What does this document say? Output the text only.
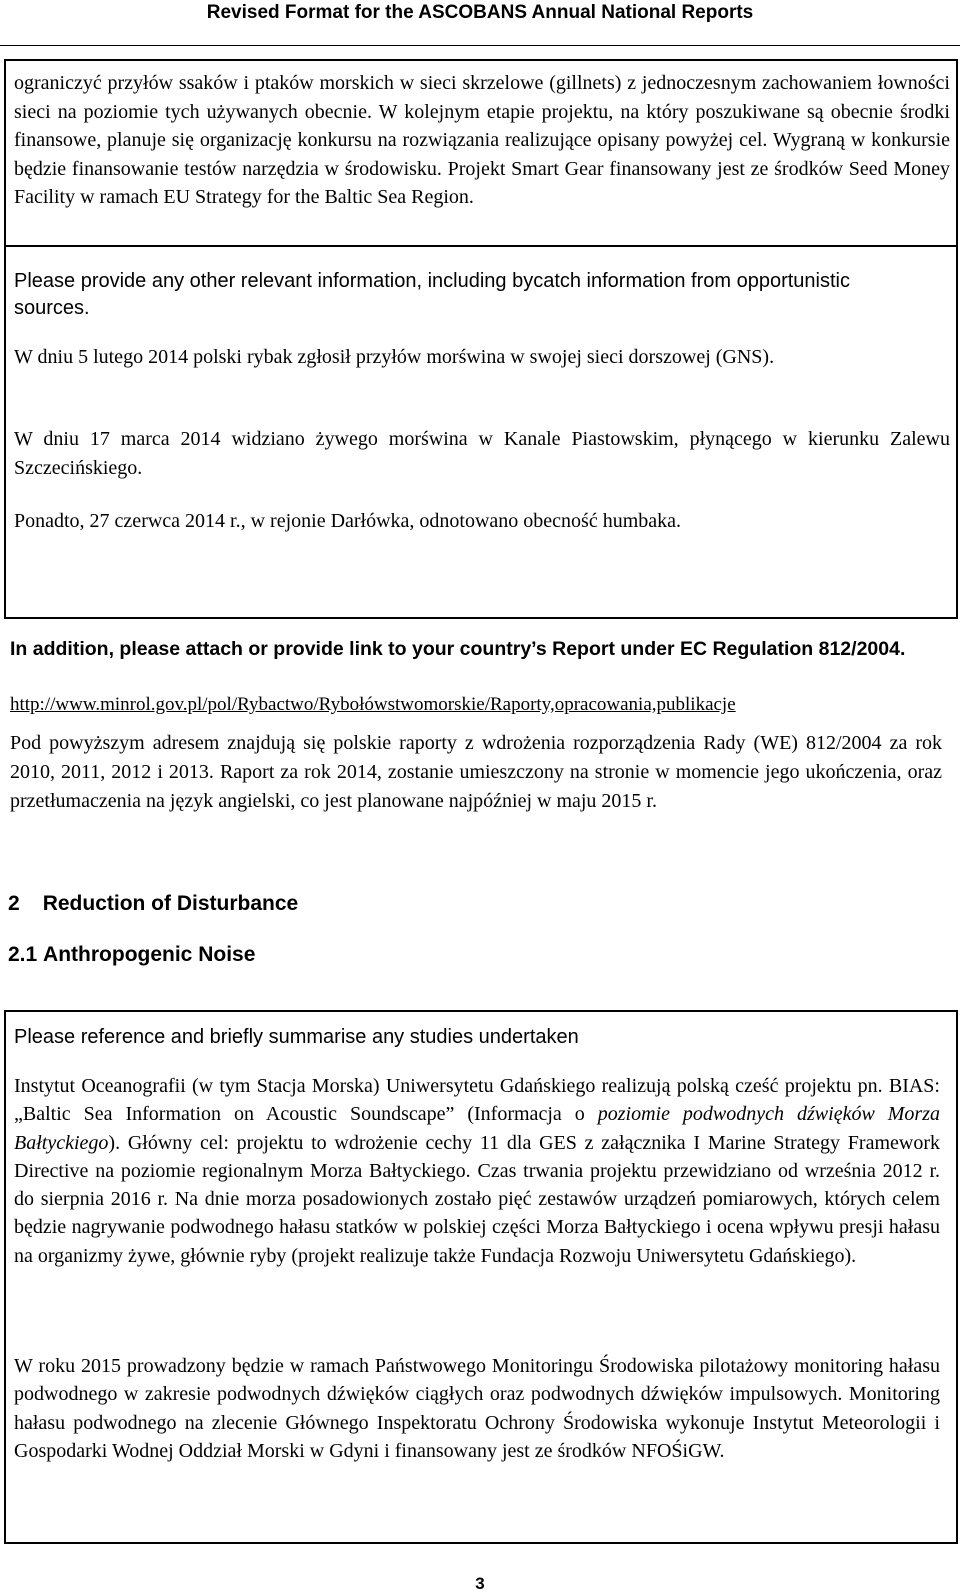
Revised Format for the ASCOBANS Annual National Reports

ograniczyć przyłów ssaków i ptaków morskich w sieci skrzelowe (gillnets) z jednoczesnym zachowaniem łowności sieci na poziomie tych używanych obecnie. W kolejnym etapie projektu, na który poszukiwane są obecnie środki finansowe, planuje się organizację konkursu na rozwiązania realizujące opisany powyżej cel. Wygraną w konkursie będzie finansowanie testów narzędzia w środowisku. Projekt Smart Gear finansowany jest ze środków Seed Money Facility w ramach EU Strategy for the Baltic Sea Region.

Please provide any other relevant information, including bycatch information from opportunistic sources.

W dniu 5 lutego 2014 polski rybak zgłosił przyłów morświna w swojej sieci dorszowej (GNS).

W dniu 17 marca 2014 widziano żywego morświna w Kanale Piastowskim, płynącego w kierunku Zalewu Szczecińskiego.

Ponadto, 27 czerwca 2014 r., w rejonie Darłówka, odnotowano obecność humbaka.

In addition, please attach or provide link to your country’s Report under EC Regulation 812/2004.

http://www.minrol.gov.pl/pol/Rybactwo/Rybołówstwomorskie/Raporty,opracowania,publikacje

Pod powyższym adresem znajdują się polskie raporty z wdrożenia rozporządzenia Rady (WE) 812/2004 za rok 2010, 2011, 2012 i 2013. Raport za rok 2014, zostanie umieszczony na stronie w momencie jego ukończenia, oraz przetłumaczenia na język angielski, co jest planowane najpóźniej w maju 2015 r.

2 Reduction of Disturbance
2.1 Anthropogenic Noise

Please reference and briefly summarise any studies undertaken

Instytut Oceanografii (w tym Stacja Morska) Uniwersytetu Gdańskiego realizują polską cześć projektu pn. BIAS: „Baltic Sea Information on Acoustic Soundscape” (Informacja o poziomie podwodnych dźwięków Morza Bałtyckiego). Główny cel: projektu to wdrożenie cechy 11 dla GES z załącznika I Marine Strategy Framework Directive na poziomie regionalnym Morza Bałtyckiego. Czas trwania projektu przewidziano od września 2012 r. do sierpnia 2016 r. Na dnie morza posadowionych zostało pięć zestawów urządzeń pomiarowych, których celem będzie nagrywanie podwodnego hałasu statków w polskiej części Morza Bałtyckiego i ocena wpływu presji hałasu na organizmy żywe, głównie ryby (projekt realizuje także Fundacja Rozwoju Uniwersytetu Gdańskiego).

W roku 2015 prowadzony będzie w ramach Państwowego Monitoringu Środowiska pilotażowy monitoring hałasu podwodnego w zakresie podwodnych dźwięków ciągłych oraz podwodnych dźwięków impulsowych. Monitoring hałasu podwodnego na zlecenie Głównego Inspektoratu Ochrony Środowiska wykonuje Instytut Meteorologii i Gospodarki Wodnej Oddział Morski w Gdyni i finansowany jest ze środków NFOŚiGW.

3
